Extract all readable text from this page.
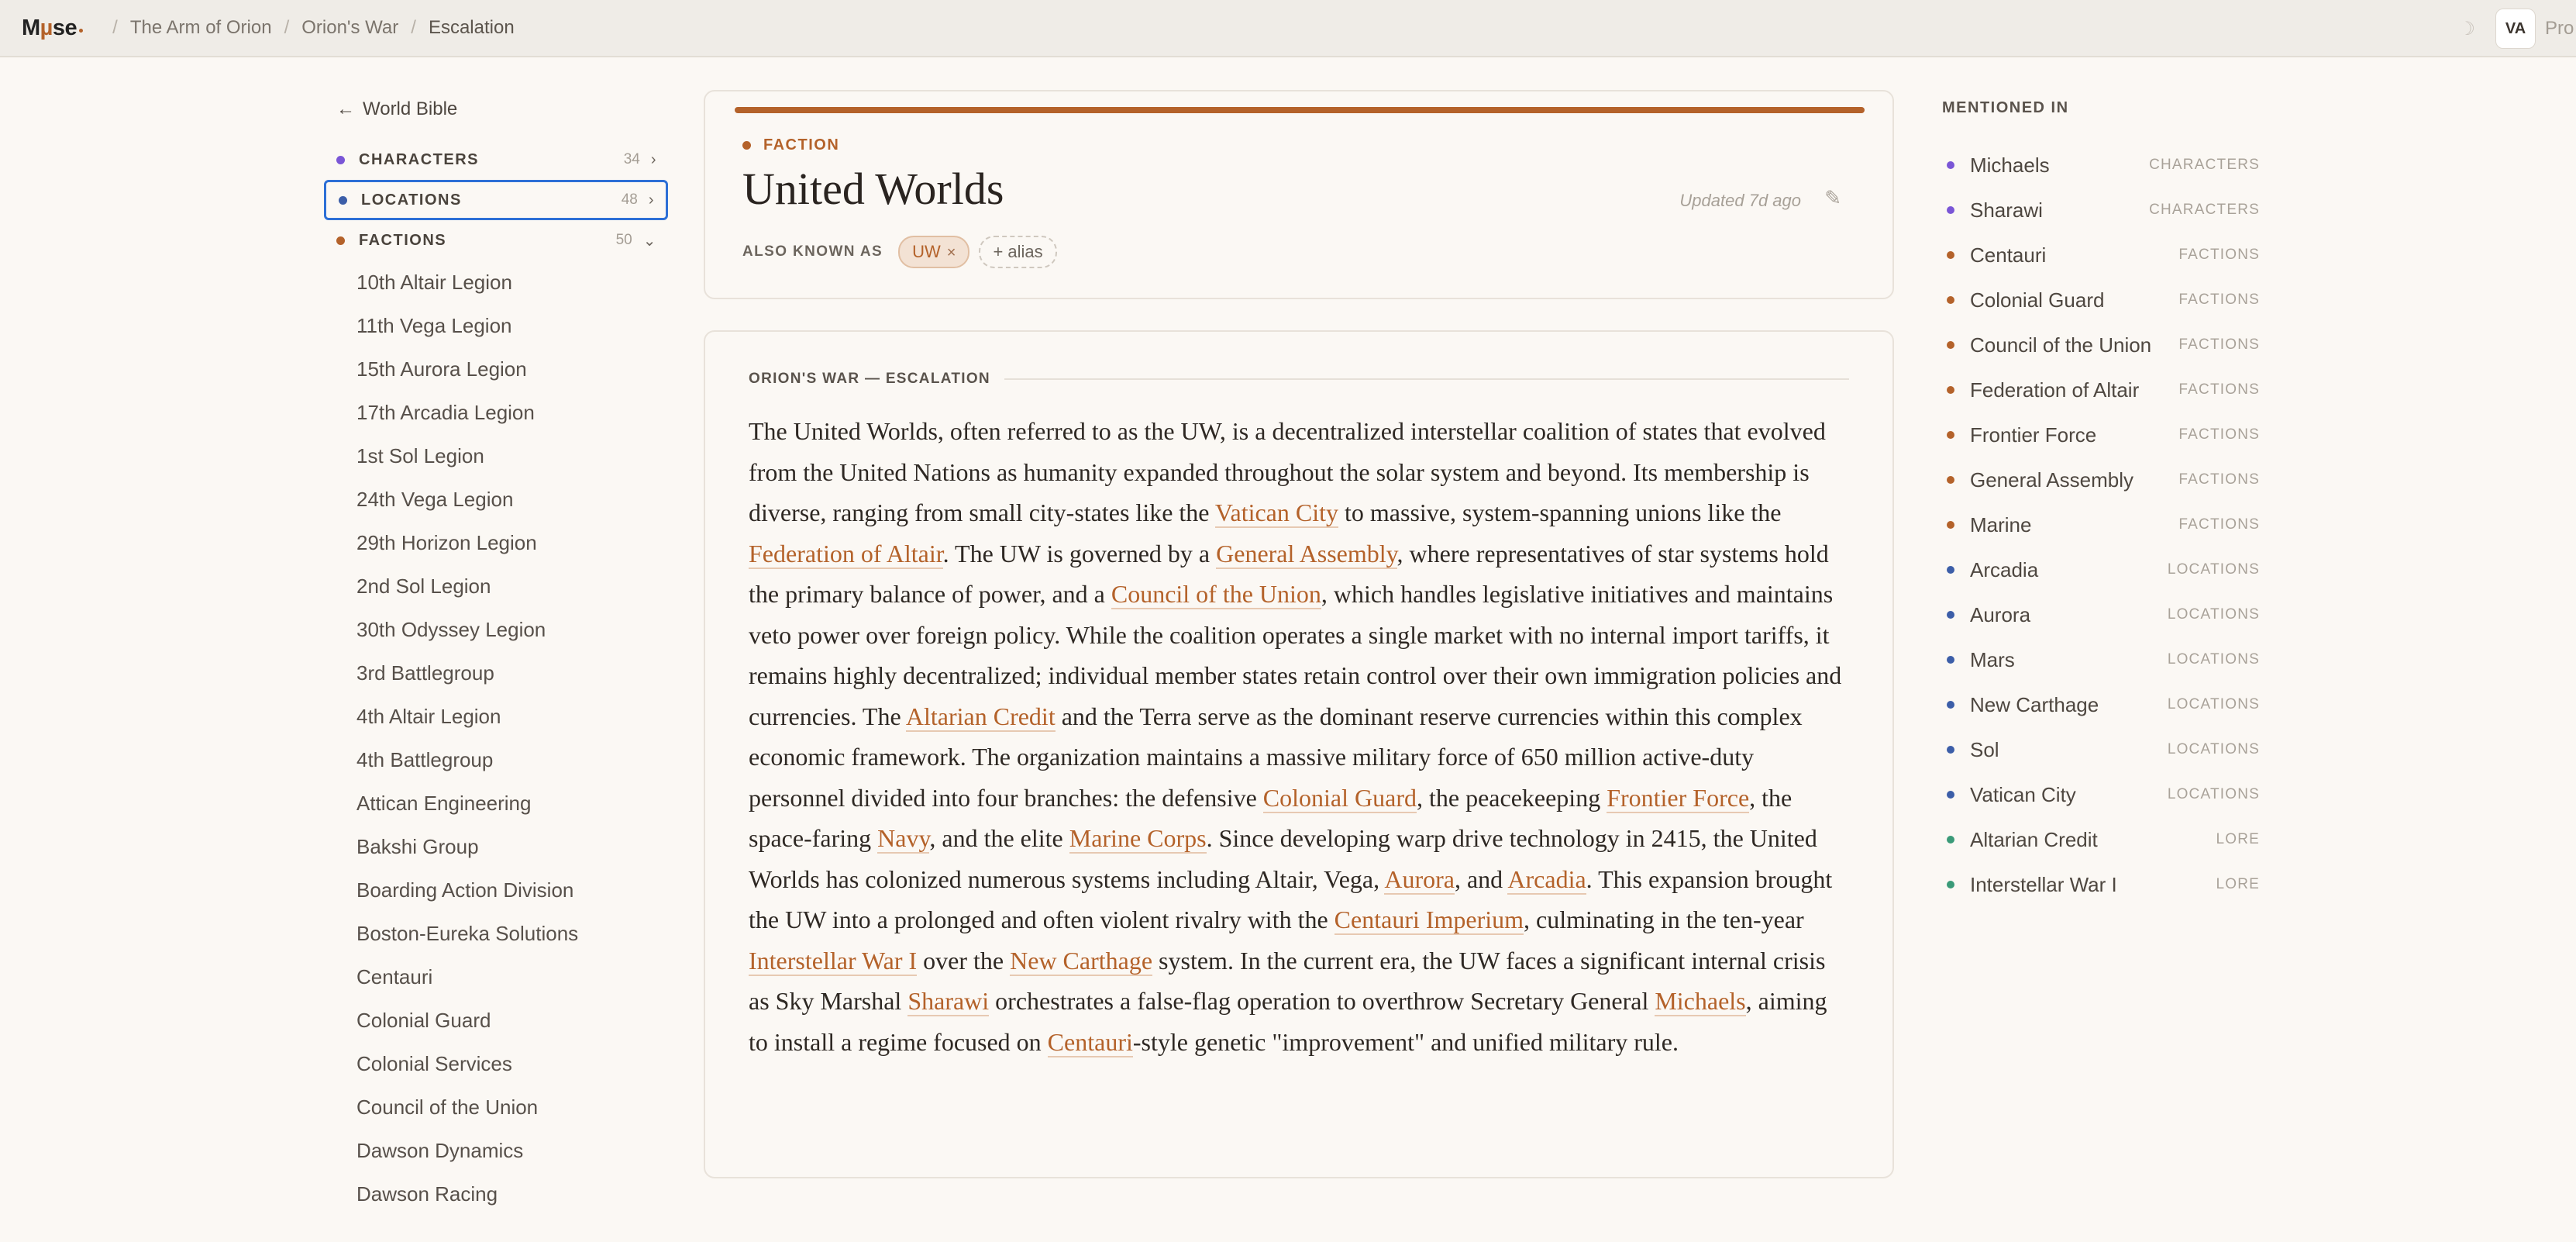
M µ se / The Arm of Orion / Orion's War / Escalation	☽	VA	Pro
← World Bible
CHARACTERS	34 ›
LOCATIONS	48 ›
FACTIONS	50 ⌄
10th Altair Legion
11th Vega Legion
15th Aurora Legion
17th Arcadia Legion
1st Sol Legion
24th Vega Legion
29th Horizon Legion
2nd Sol Legion
30th Odyssey Legion
3rd Battlegroup
4th Altair Legion
4th Battlegroup
Attican Engineering
Bakshi Group
Boarding Action Division
Boston-Eureka Solutions
Centauri
Colonial Guard
Colonial Services
Council of the Union
Dawson Dynamics
Dawson Racing
FACTION
United Worlds	Updated 7d ago ✎
ALSO KNOWN AS	UW ×	+ alias
ORION'S WAR — ESCALATION
The United Worlds, often referred to as the UW, is a decentralized interstellar coalition of states that evolved from the United Nations as humanity expanded throughout the solar system and beyond. Its membership is diverse, ranging from small city-states like the Vatican City to massive, system-spanning unions like the Federation of Altair. The UW is governed by a General Assembly, where representatives of star systems hold the primary balance of power, and a Council of the Union, which handles legislative initiatives and maintains veto power over foreign policy. While the coalition operates a single market with no internal import tariffs, it remains highly decentralized; individual member states retain control over their own immigration policies and currencies. The Altarian Credit and the Terra serve as the dominant reserve currencies within this complex economic framework. The organization maintains a massive military force of 650 million active-duty personnel divided into four branches: the defensive Colonial Guard, the peacekeeping Frontier Force, the space-faring Navy, and the elite Marine Corps. Since developing warp drive technology in 2415, the United Worlds has colonized numerous systems including Altair, Vega, Aurora, and Arcadia. This expansion brought the UW into a prolonged and often violent rivalry with the Centauri Imperium, culminating in the ten-year Interstellar War I over the New Carthage system. In the current era, the UW faces a significant internal crisis as Sky Marshal Sharawi orchestrates a false-flag operation to overthrow Secretary General Michaels, aiming to install a regime focused on Centauri-style genetic "improvement" and unified military rule.
MENTIONED IN
Michaels	CHARACTERS
Sharawi	CHARACTERS
Centauri	FACTIONS
Colonial Guard	FACTIONS
Council of the Union	FACTIONS
Federation of Altair	FACTIONS
Frontier Force	FACTIONS
General Assembly	FACTIONS
Marine	FACTIONS
Arcadia	LOCATIONS
Aurora	LOCATIONS
Mars	LOCATIONS
New Carthage	LOCATIONS
Sol	LOCATIONS
Vatican City	LOCATIONS
Altarian Credit	LORE
Interstellar War I	LORE
